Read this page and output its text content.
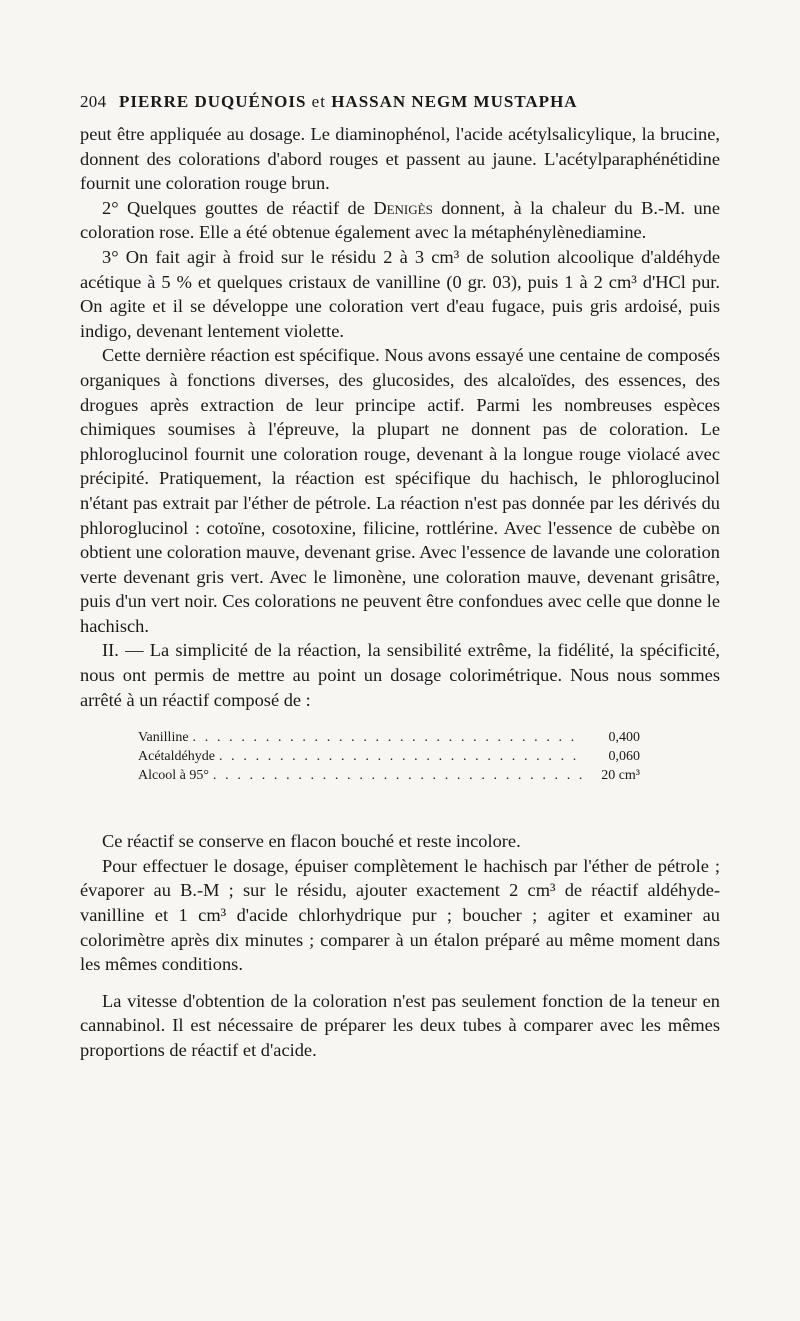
204 PIERRE DUQUÉNOIS et HASSAN NEGM MUSTAPHA

peut être appliquée au dosage. Le diaminophénol, l'acide acétylsalicylique, la brucine, donnent des colorations d'abord rouges et passent au jaune. L'acétylparaphénétidine fournit une coloration rouge brun.

2° Quelques gouttes de réactif de Denigès donnent, à la chaleur du B.-M. une coloration rose. Elle a été obtenue également avec la métaphénylènediamine.

3° On fait agir à froid sur le résidu 2 à 3 cm³ de solution alcoolique d'aldéhyde acétique à 5 % et quelques cristaux de vanilline (0 gr. 03), puis 1 à 2 cm³ d'HCl pur. On agite et il se développe une coloration vert d'eau fugace, puis gris ardoisé, puis indigo, devenant lentement violette.

Cette dernière réaction est spécifique. Nous avons essayé une centaine de composés organiques à fonctions diverses, des glucosides, des alcaloïdes, des essences, des drogues après extraction de leur principe actif. Parmi les nombreuses espèces chimiques soumises à l'épreuve, la plupart ne donnent pas de coloration. Le phloroglucinol fournit une coloration rouge, devenant à la longue rouge violacé avec précipité. Pratiquement, la réaction est spécifique du hachisch, le phloroglucinol n'étant pas extrait par l'éther de pétrole. La réaction n'est pas donnée par les dérivés du phloroglucinol : cotoïne, cosotoxine, filicine, rottlérine. Avec l'essence de cubèbe on obtient une coloration mauve, devenant grise. Avec l'essence de lavande une coloration verte devenant gris vert. Avec le limonène, une coloration mauve, devenant grisâtre, puis d'un vert noir. Ces colorations ne peuvent être confondues avec celle que donne le hachisch.

II. — La simplicité de la réaction, la sensibilité extrême, la fidélité, la spécificité, nous ont permis de mettre au point un dosage colorimétrique. Nous nous sommes arrêté à un réactif composé de :

Vanilline . . .	0,400
Acétaldéhyde . . .	0,060
Alcool à 95° . . .	20 cm³

Ce réactif se conserve en flacon bouché et reste incolore.

Pour effectuer le dosage, épuiser complètement le hachisch par l'éther de pétrole ; évaporer au B.-M ; sur le résidu, ajouter exactement 2 cm³ de réactif aldéhyde-vanilline et 1 cm³ d'acide chlorhydrique pur ; boucher ; agiter et examiner au colorimètre après dix minutes ; comparer à un étalon préparé au même moment dans les mêmes conditions.

La vitesse d'obtention de la coloration n'est pas seulement fonction de la teneur en cannabinol. Il est nécessaire de préparer les deux tubes à comparer avec les mêmes proportions de réactif et d'acide.
